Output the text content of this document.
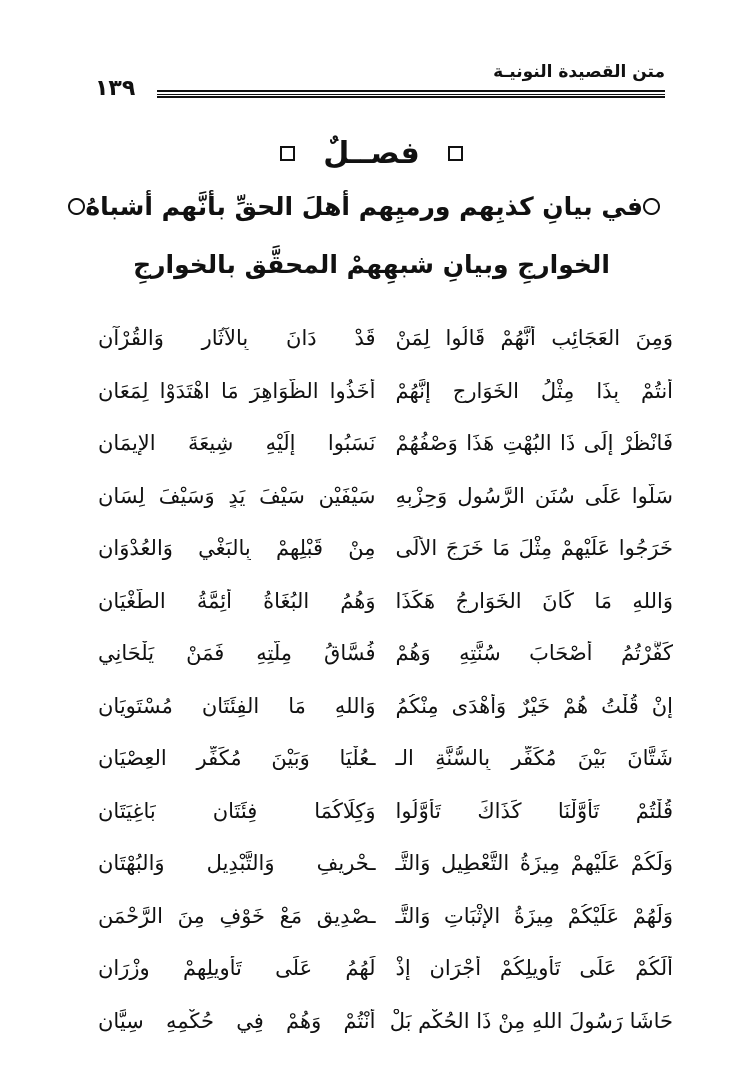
متن القصيدة النونيـة
١٣٩
فصــلٌ
في بيانِ كذبِهم ورميِهم أهلَ الحقِّ بأنَّهم أشباهُ
الخوارجِ وبيانِ شبهِهمْ المحقَّق بالخوارجِ
وَمِنَ العَجَائِبِ أَنَّهُمْ قَالُوا لِمَنْ
قَدْ دَانَ بِالآثَارِ وَالقُرْآنِ
أَنتُمْ بِذَا مِثْلُ الخَوَارِجِ إِنَّهُمْ
أَخَذُوا الظَّوَاهِرَ مَا اهْتَدَوْا لِمَعَانِ
فَانْظُرْ إِلَى ذَا البُهْتِ هَذَا وَصْفُهُمْ
نَسَبُوا إِلَيْهِ شِيعَةَ الإِيمَانِ
سَلُّوا عَلَى سُنَنِ الرَّسُولِ وَحِزْبِهِ
سَيْفَيْنِ سَيْفَ يَدٍ وَسَيْفَ لِسَانِ
خَرَجُوا عَلَيْهِمْ مِثْلَ مَا خَرَجَ الأُلَى
مِنْ قَبْلِهِمْ بِالبَغْيِ وَالعُدْوَانِ
وَاللهِ مَا كَانَ الخَوَارِجُ هَكَذَا
وَهُمُ البُغَاةُ أَئِمَّةُ الطُّغْيَانِ
كَفَّرْتُمُ أَصْحَابَ سُنَّتِهِ وَهُمْ
فُسَّاقُ مِلَّتِهِ فَمَنْ يَلْحَانِي
إِنْ قُلْتُ هُمْ خَيْرٌ وَأَهْدَى مِنْكُمُ
وَاللهِ مَا الفِئَتَانِ مُسْتَوِيَانِ
شَتَّانَ بَيْنَ مُكَفِّرٍ بِالسُّنَّةِ الـ
ـعُلْيَا وَبَيْنَ مُكَفِّرِ العِصْيَانِ
قُلْتُمْ تَأَوَّلْنَا كَذَاكَ تَأَوَّلُوا
وَكِلَاكُمَا فِئَتَانِ بَاغِيَتَانِ
وَلَكُمْ عَلَيْهِمْ مِيزَةُ التَّعْطِيلِ وَالتَّـ
ـحْرِيفِ وَالتَّبْدِيلِ وَالبُهْتَانِ
وَلَهُمْ عَلَيْكُمْ مِيزَةُ الإِثْبَاتِ وَالتَّـ
ـصْدِيقِ مَعْ خَوْفٍ مِنَ الرَّحْمَنِ
أَلَكُمْ عَلَى تَأْوِيلِكُمْ أَجْرَانِ إِذْ
لَهُمُ عَلَى تَأْوِيلِهِمْ وِزْرَانِ
حَاشَا رَسُولَ اللهِ مِنْ ذَا الحُكْمِ بَلْ
أَنْتُمْ وَهُمْ فِي حُكْمِهِ سِيَّانِ
